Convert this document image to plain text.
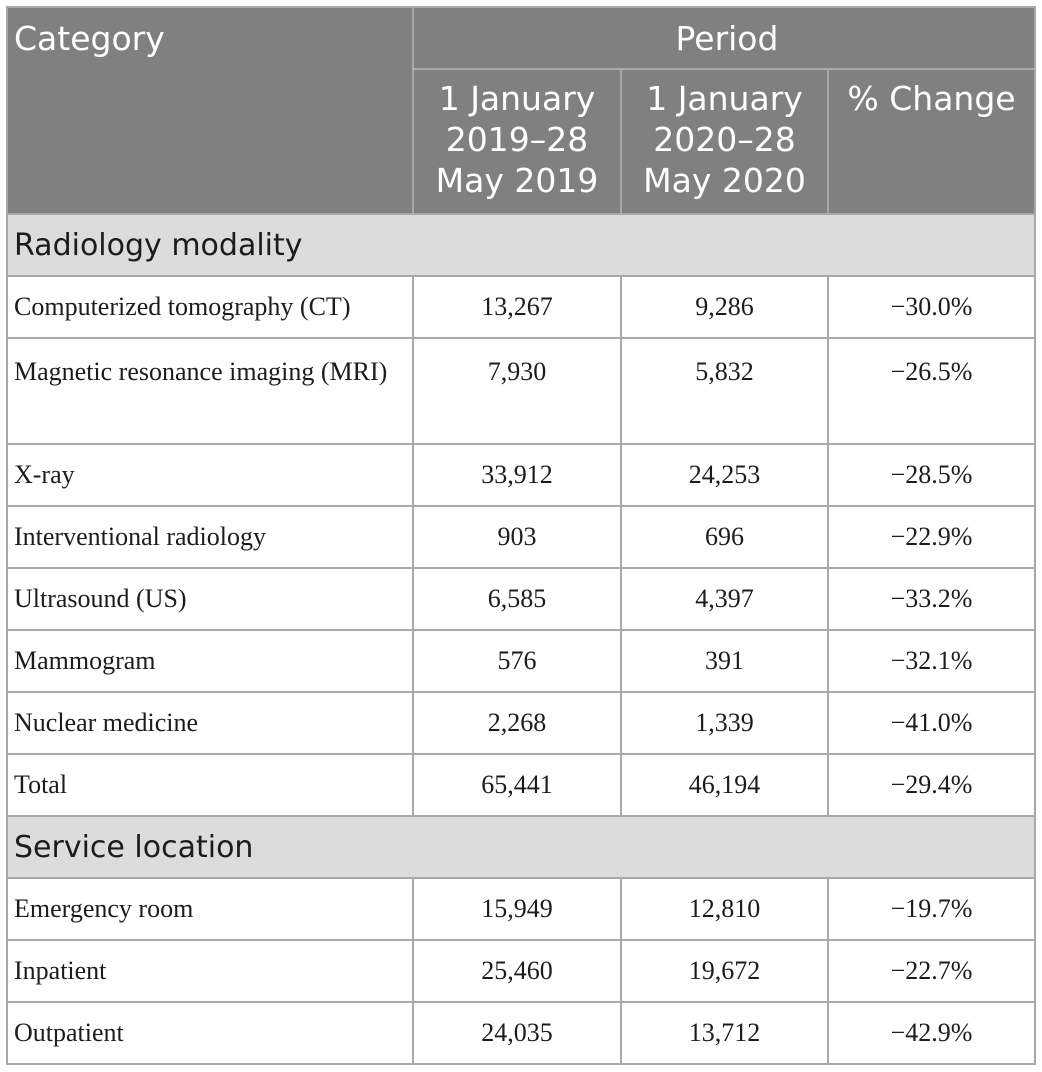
Category	Period		
	1 January 2019–28 May 2019	1 January 2020–28 May 2020	% Change
Radiology modality			
Computerized tomography (CT)	13,267	9,286	−30.0%
Magnetic resonance imaging (MRI)	7,930	5,832	−26.5%
X-ray	33,912	24,253	−28.5%
Interventional radiology	903	696	−22.9%
Ultrasound (US)	6,585	4,397	−33.2%
Mammogram	576	391	−32.1%
Nuclear medicine	2,268	1,339	−41.0%
Total	65,441	46,194	−29.4%
Service location			
Emergency room	15,949	12,810	−19.7%
Inpatient	25,460	19,672	−22.7%
Outpatient	24,035	13,712	−42.9%
